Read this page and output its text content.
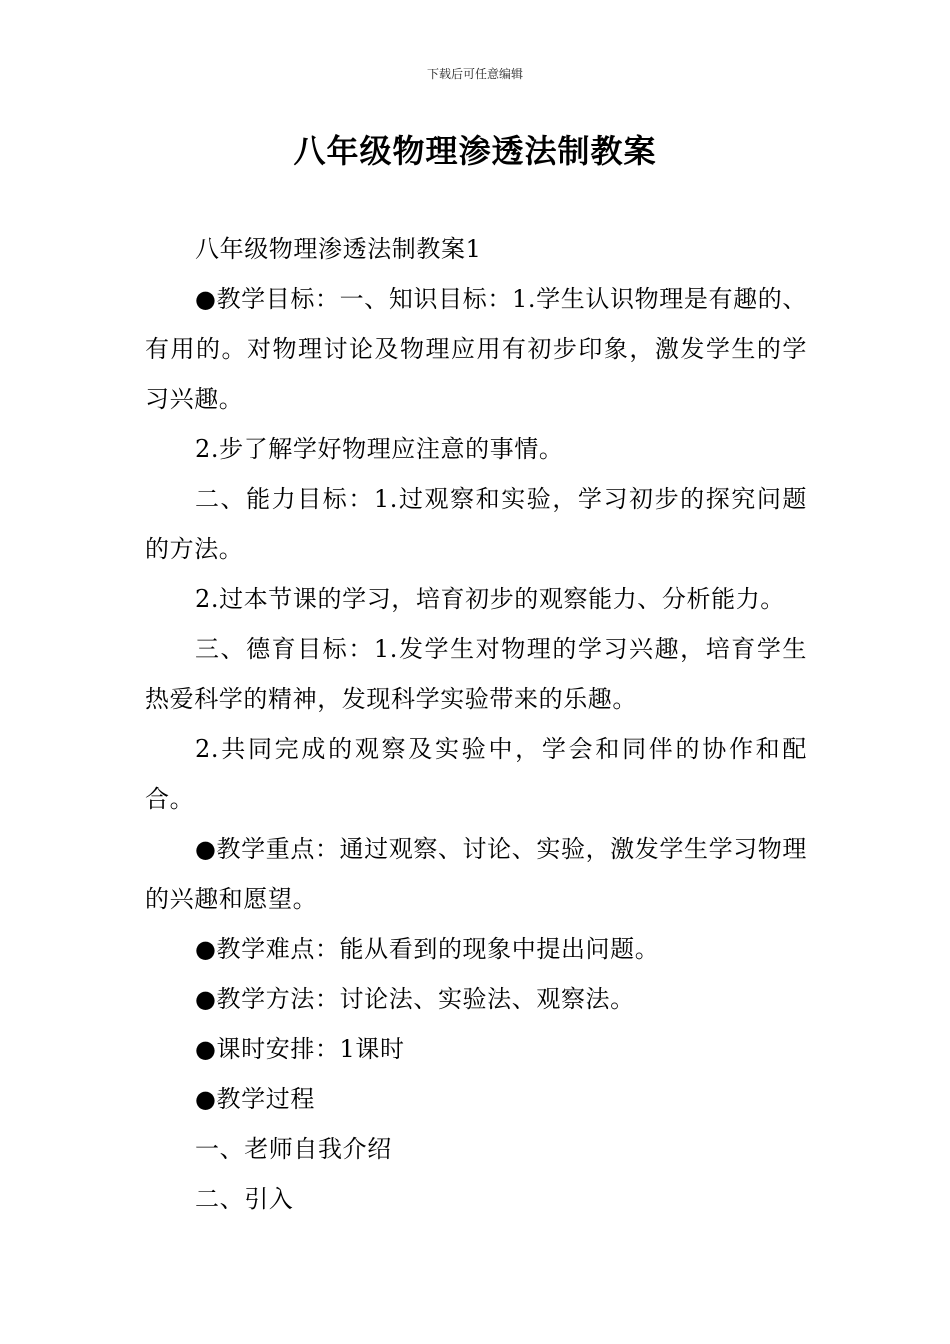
下载后可任意编辑
八年级物理渗透法制教案

八年级物理渗透法制教案1

●教学目标：一、知识目标：1.学生认识物理是有趣的、有用的。对物理讨论及物理应用有初步印象，激发学生的学习兴趣。

2.步了解学好物理应注意的事情。

二、能力目标：1.过观察和实验，学习初步的探究问题的方法。

2.过本节课的学习，培育初步的观察能力、分析能力。

三、德育目标：1.发学生对物理的学习兴趣，培育学生热爱科学的精神，发现科学实验带来的乐趣。

2.共同完成的观察及实验中，学会和同伴的协作和配合。

●教学重点：通过观察、讨论、实验，激发学生学习物理的兴趣和愿望。

●教学难点：能从看到的现象中提出问题。

●教学方法：讨论法、实验法、观察法。

●课时安排：1课时

●教学过程

一、老师自我介绍

二、引入
